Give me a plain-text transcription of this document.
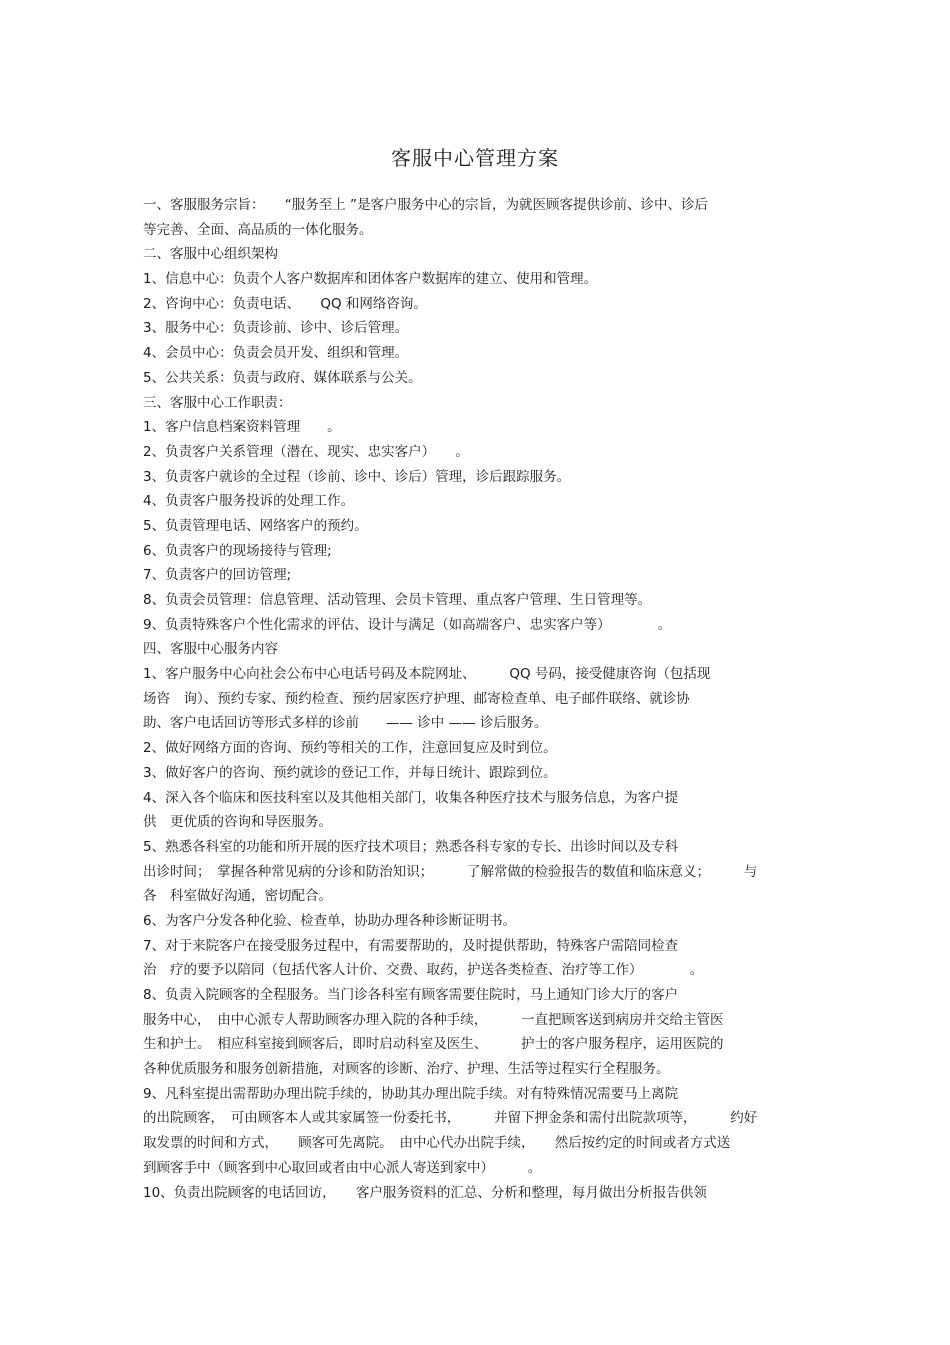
客服中心管理方案
一、客服服务宗旨：　　“服务至上 ”是客户服务中心的宗旨，为就医顾客提供诊前、诊中、诊后
等完善、全面、高品质的一体化服务。
二、客服中心组织架构
1、信息中心：负责个人客户数据库和团体客户数据库的建立、使用和管理。
2、咨询中心：负责电话、　　QQ 和网络咨询。
3、服务中心：负责诊前、诊中、诊后管理。
4、会员中心：负责会员开发、组织和管理。
5、公共关系：负责与政府、媒体联系与公关。
三、客服中心工作职责：
1、客户信息档案资料管理　　。
2、负责客户关系管理（潜在、现实、忠实客户）　　。
3、负责客户就诊的全过程（诊前、诊中、诊后）管理，诊后跟踪服务。
4、负责客户服务投诉的处理工作。
5、负责管理电话、网络客户的预约。
6、负责客户的现场接待与管理;
7、负责客户的回访管理;
8、负责会员管理：信息管理、活动管理、会员卡管理、重点客户管理、生日管理等。
9、负责特殊客户个性化需求的评估、设计与满足（如高端客户、忠实客户等）　　　　。
四、客服中心服务内容
1、客户服务中心向社会公布中心电话号码及本院网址、　　　QQ 号码，接受健康咨询（包括现
场咨　询）、预约专家、预约检查、预约居家医疗护理、邮寄检查单、电子邮件联络、就诊协
助、客户电话回访等形式多样的诊前　　—— 诊中 —— 诊后服务。
2、做好网络方面的咨询、预约等相关的工作，注意回复应及时到位。
3、做好客户的咨询、预约就诊的登记工作，并每日统计、跟踪到位。
4、深入各个临床和医技科室以及其他相关部门，收集各种医疗技术与服务信息，为客户提
供　更优质的咨询和导医服务。
5、熟悉各科室的功能和所开展的医疗技术项目；熟悉各科专家的专长、出诊时间以及专科
出诊时间；　掌握各种常见病的分诊和防治知识；　　　了解常做的检验报告的数值和临床意义；　　　与
各　科室做好沟通，密切配合。
6、为客户分发各种化验、检查单，协助办理各种诊断证明书。
7、对于来院客户在接受服务过程中，有需要帮助的，及时提供帮助，特殊客户需陪同检查
治　疗的要予以陪同（包括代客人计价、交费、取药，护送各类检查、治疗等工作）　　　　。
8、负责入院顾客的全程服务。当门诊各科室有顾客需要住院时，马上通知门诊大厅的客户
服务中心，　由中心派专人帮助顾客办理入院的各种手续，　　　一直把顾客送到病房并交给主管医
生和护士。　相应科室接到顾客后，即时启动科室及医生、　　　护士的客户服务程序，运用医院的
各种优质服务和服务创新措施，对顾客的诊断、治疗、护理、生活等过程实行全程服务。
9、凡科室提出需帮助办理出院手续的，协助其办理出院手续。对有特殊情况需要马上离院
的出院顾客，　可由顾客本人或其家属签一份委托书，　　　并留下押金条和需付出院款项等，　　　约好
取发票的时间和方式，　　顾客可先离院。　由中心代办出院手续，　　然后按约定的时间或者方式送
到顾客手中（顾客到中心取回或者由中心派人寄送到家中）　　　。
10、负责出院顾客的电话回访，　　客户服务资料的汇总、分析和整理，每月做出分析报告供领
